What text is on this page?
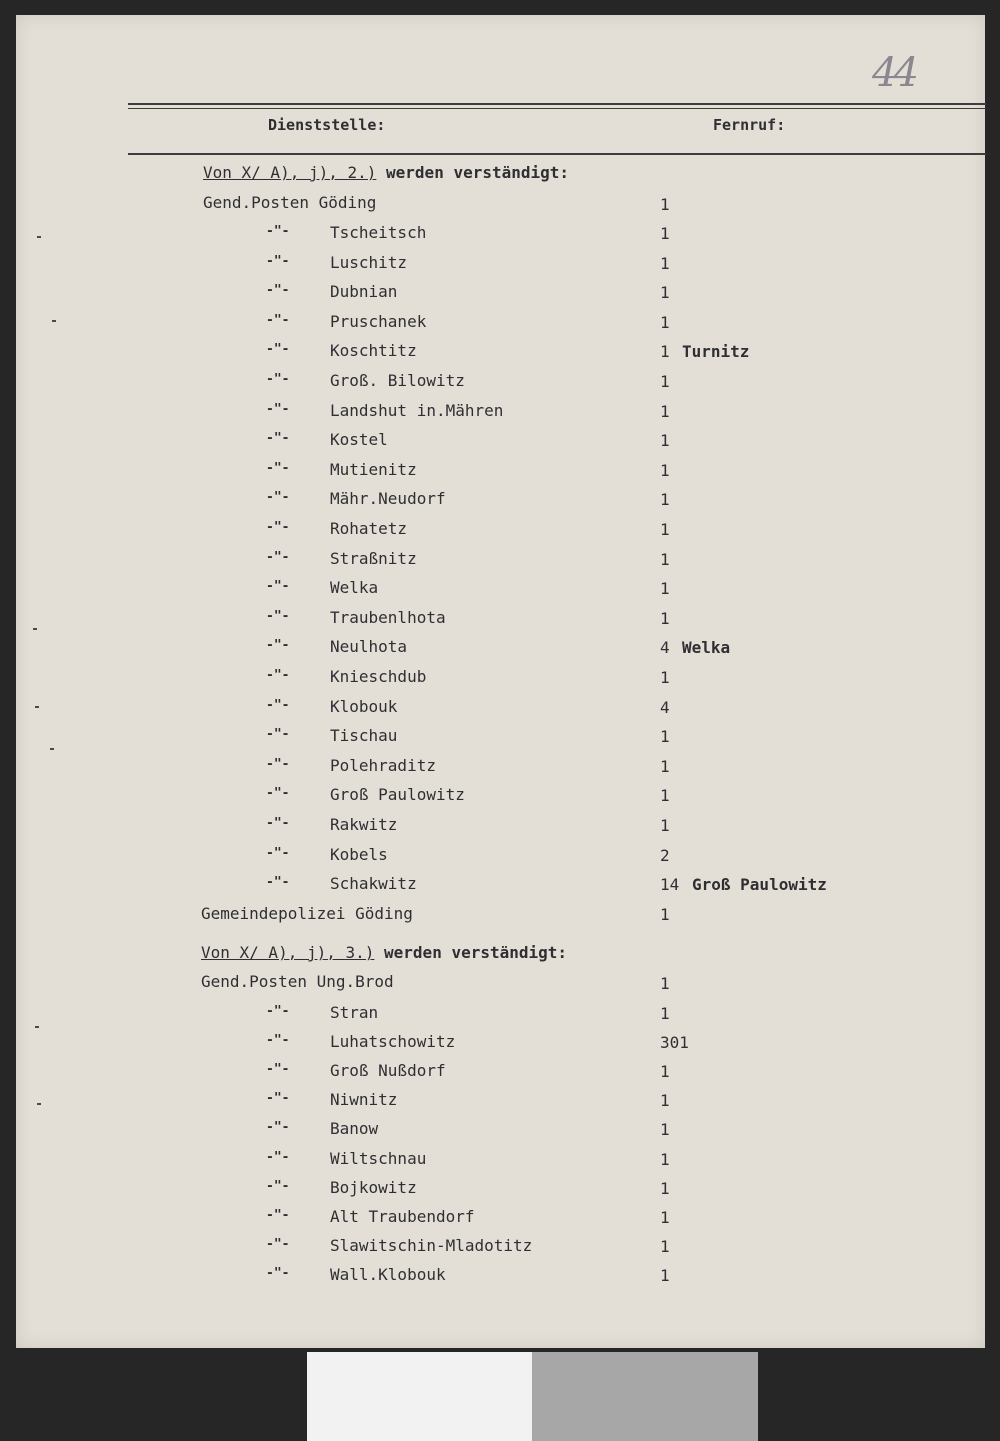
44
Dienststelle:	Fernruf:
Von X/ A), j), 2.) werden verständigt:
Gend.Posten Göding	1
-"-	Tscheitsch	1
-"-	Luschitz	1
-"-	Dubnian	1
-"-	Pruschanek	1
-"-	Koschtitz	1 Turnitz
-"-	Groß. Bilowitz	1
-"-	Landshut in.Mähren	1
-"-	Kostel	1
-"-	Mutienitz	1
-"-	Mähr.Neudorf	1
-"-	Rohatetz	1
-"-	Straßnitz	1
-"-	Welka	1
-"-	Traubenlhota	1
-"-	Neulhota	4 Welka
-"-	Knieschdub	1
-"-	Klobouk	4
-"-	Tischau	1
-"-	Polehraditz	1
-"-	Groß Paulowitz	1
-"-	Rakwitz	1
-"-	Kobels	2
-"-	Schakwitz	14 Groß Paulowitz
Gemeindepolizei Göding	1
Von X/ A), j), 3.) werden verständigt:
Gend.Posten Ung.Brod	1
-"-	Stran	1
-"-	Luhatschowitz	301
-"-	Groß Nußdorf	1
-"-	Niwnitz	1
-"-	Banow	1
-"-	Wiltschnau	1
-"-	Bojkowitz	1
-"-	Alt Traubendorf	1
-"-	Slawitschin-Mladotitz	1
-"-	Wall.Klobouk	1
